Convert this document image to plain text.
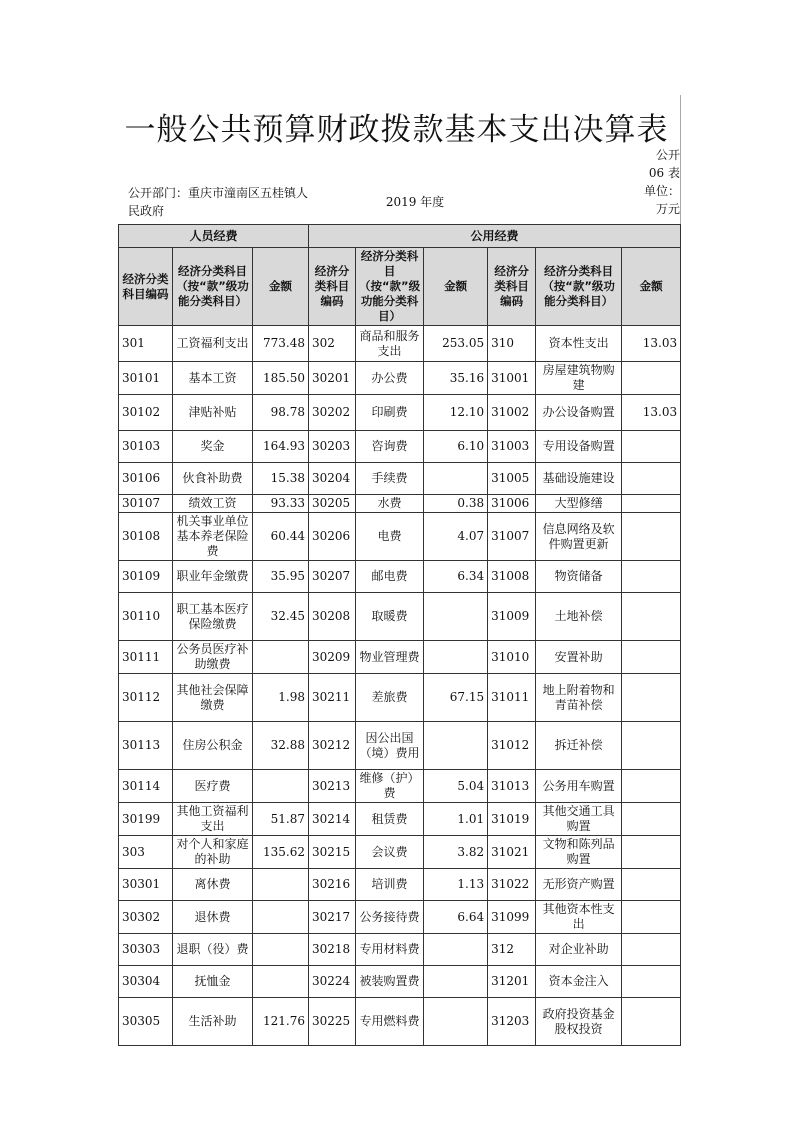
一般公共预算财政拨款基本支出决算表
公开06 表
单位：万元
公开部门：重庆市潼南区五桂镇人民政府
2019 年度
人员经费			公用经费					
经济分类科目编码	经济分类科目（按“款”级功能分类科目）	金额	经济分类科目编码	经济分类科目（按“款”级功能分类科目）	金额	经济分类科目编码	经济分类科目（按“款”级功能分类科目）	金额
301	工资福利支出	773.48	302	商品和服务支出	253.05	310	资本性支出	13.03
30101	基本工资	185.50	30201	办公费	35.16	31001	房屋建筑物购建	
30102	津贴补贴	98.78	30202	印刷费	12.10	31002	办公设备购置	13.03
30103	奖金	164.93	30203	咨询费	6.10	31003	专用设备购置	
30106	伙食补助费	15.38	30204	手续费		31005	基础设施建设	
30107	绩效工资	93.33	30205	水费	0.38	31006	大型修缮	
30108	机关事业单位基本养老保险费	60.44	30206	电费	4.07	31007	信息网络及软件购置更新	
30109	职业年金缴费	35.95	30207	邮电费	6.34	31008	物资储备	
30110	职工基本医疗保险缴费	32.45	30208	取暖费		31009	土地补偿	
30111	公务员医疗补助缴费		30209	物业管理费		31010	安置补助	
30112	其他社会保障缴费	1.98	30211	差旅费	67.15	31011	地上附着物和青苗补偿	
30113	住房公积金	32.88	30212	因公出国（境）费用		31012	拆迁补偿	
30114	医疗费		30213	维修（护）费	5.04	31013	公务用车购置	
30199	其他工资福利支出	51.87	30214	租赁费	1.01	31019	其他交通工具购置	
303	对个人和家庭的补助	135.62	30215	会议费	3.82	31021	文物和陈列品购置	
30301	离休费		30216	培训费	1.13	31022	无形资产购置	
30302	退休费		30217	公务接待费	6.64	31099	其他资本性支出	
30303	退职（役）费		30218	专用材料费		312	对企业补助	
30304	抚恤金		30224	被装购置费		31201	资本金注入	
30305	生活补助	121.76	30225	专用燃料费		31203	政府投资基金股权投资	
